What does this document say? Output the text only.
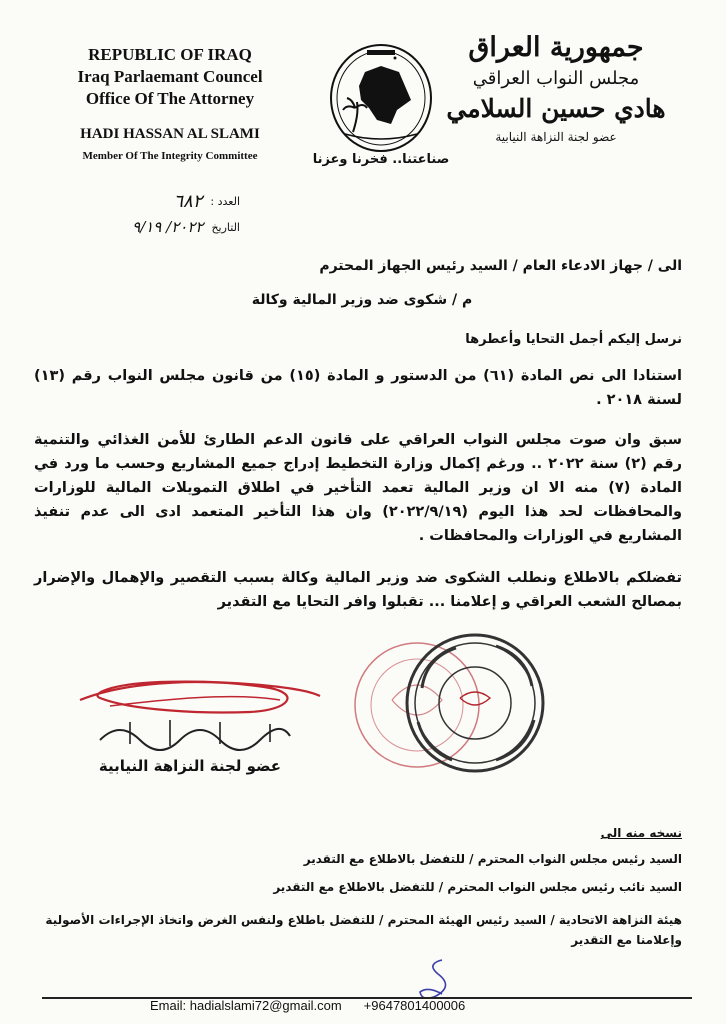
REPUBLIC OF IRAQ
Iraq Parlaemant Councel
Office Of The Attorney
HADI HASSAN AL SLAMI
Member Of The Integrity Committee	صناعتنا.. فخرنا وعزنا
جمهورية العراق
مجلس النواب العراقي
هادي حسين السلامي
عضو لجنة النزاهة النيابية
العدد :
٦٨٢
التاريخ
٢٠٢٢/ ٩/١٩
الى / جهاز الادعاء العام / السيد رئيس الجهاز المحترم
م / شكوى ضد وزير المالية وكالة
نرسل إليكم أجمل التحايا وأعطرها
استنادا الى نص المادة (٦١) من الدستور و المادة (١٥) من قانون مجلس النواب رقم (١٣) لسنة ٢٠١٨ .
سبق وان صوت مجلس النواب العراقي على قانون الدعم الطارئ للأمن الغذائي والتنمية رقم (٢) سنة ٢٠٢٢ .. ورغم إكمال وزارة التخطيط إدراج جميع المشاريع وحسب ما ورد في المادة (٧) منه الا ان وزير المالية تعمد التأخير في اطلاق التمويلات المالية للوزارات والمحافظات لحد هذا اليوم (٢٠٢٢/٩/١٩) وان هذا التأخير المتعمد ادى الى عدم تنفيذ المشاريع في الوزارات والمحافظات .
تفضلكم بالاطلاع ونطلب الشكوى ضد وزير المالية وكالة بسبب التقصير والإهمال والإضرار بمصالح الشعب العراقي و إعلامنا ... تقبلوا وافر التحايا مع التقدير
عضو لجنة النزاهة النيابية
نسخه منه الى
السيد رئيس مجلس النواب المحترم / للتفضل بالاطلاع مع التقدير
السيد نائب رئيس مجلس النواب المحترم / للتفضل بالاطلاع مع التقدير
هيئة النزاهة الاتحادية / السيد رئيس الهيئة المحترم / للتفضل باطلاع ولنفس الغرض واتخاذ الإجراءات الأصولية وإعلامنا مع التقدير
Email: hadialslami72@gmail.com +9647801400006
